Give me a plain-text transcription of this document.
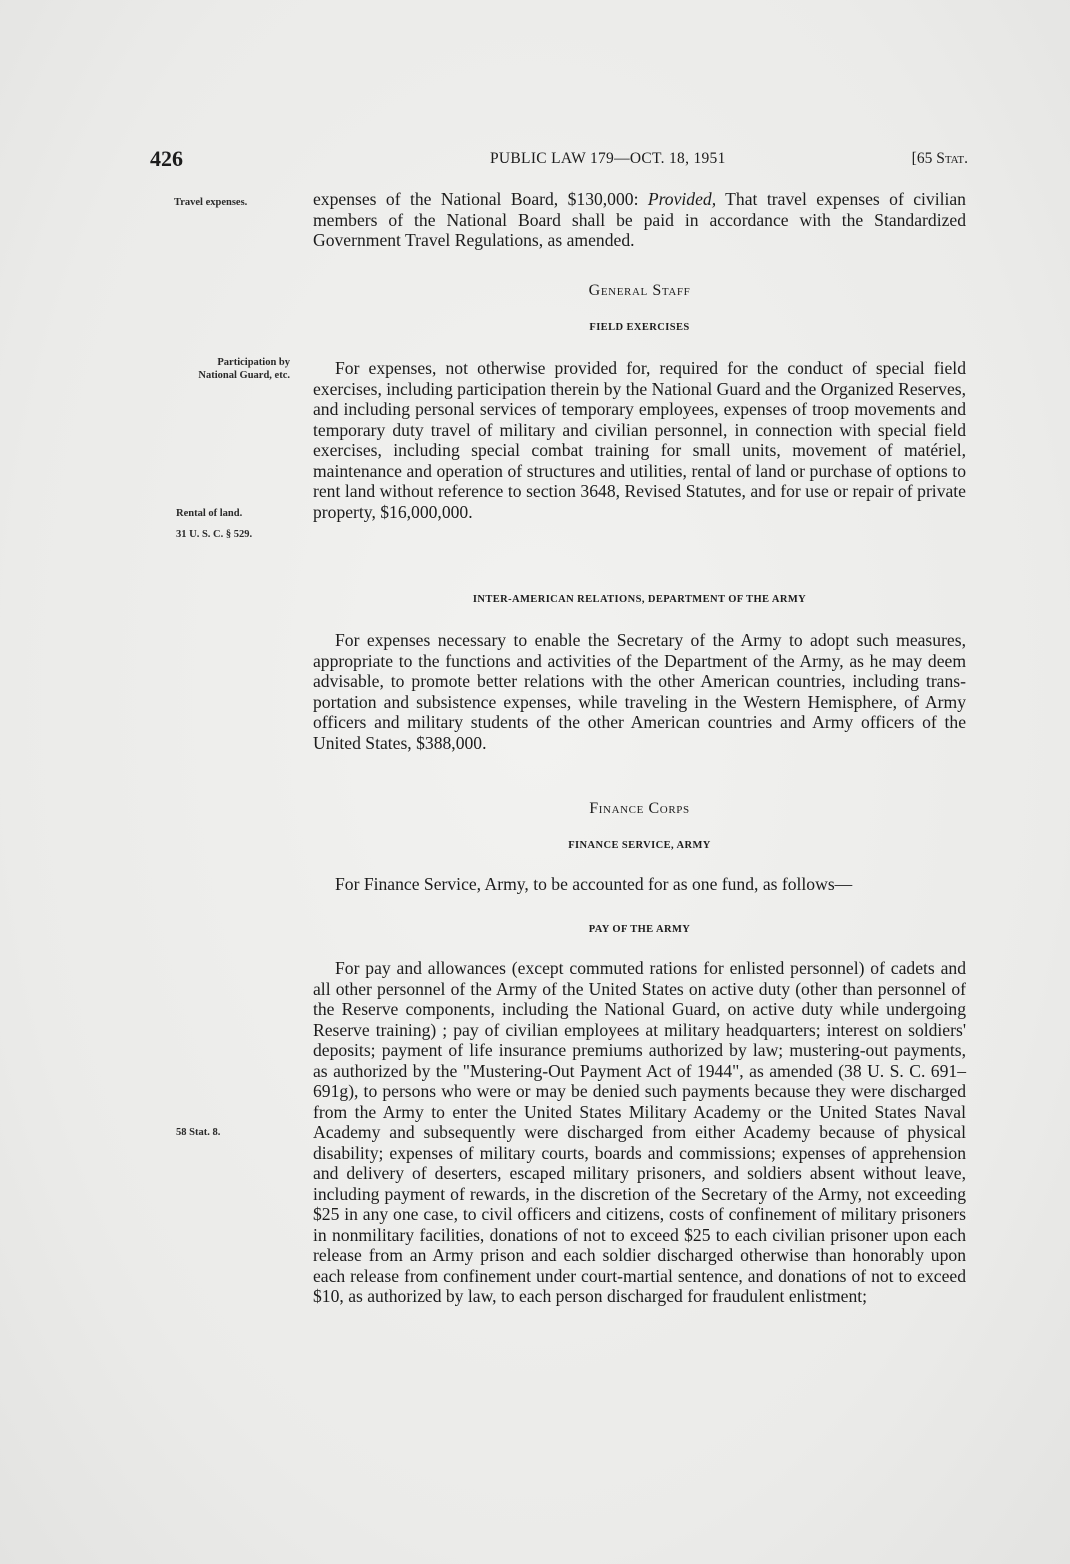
426	PUBLIC LAW 179—OCT. 18, 1951	[65 Stat.
Travel expenses.
Participation by
National Guard, etc.
Rental of land.
31 U. S. C. § 529.
58 Stat. 8.

expenses of the National Board, $130,000: Provided, That travel expenses of civilian members of the National Board shall be paid in accordance with the Standardized Government Travel Regulations, as amended.

General Staff
FIELD EXERCISES

For expenses, not otherwise provided for, required for the conduct of special field exercises, including participation therein by the National Guard and the Organized Reserves, and including personal services of temporary employees, expenses of troop movements and temporary duty travel of military and civilian personnel, in connection with special field exercises, including special combat training for small units, movement of matériel, maintenance and operation of structures and utilities, rental of land or purchase of options to rent land without reference to section 3648, Revised Statutes, and for use or repair of private property, $16,000,000.

INTER-AMERICAN RELATIONS, DEPARTMENT OF THE ARMY

For expenses necessary to enable the Secretary of the Army to adopt such measures, appropriate to the functions and activities of the Department of the Army, as he may deem advisable, to promote better relations with the other American countries, including transportation and subsistence expenses, while traveling in the Western Hemisphere, of Army officers and military students of the other American countries and Army officers of the United States, $388,000.

Finance Corps
FINANCE SERVICE, ARMY

For Finance Service, Army, to be accounted for as one fund, as follows—

PAY OF THE ARMY

For pay and allowances (except commuted rations for enlisted personnel) of cadets and all other personnel of the Army of the United States on active duty (other than personnel of the Reserve components, including the National Guard, on active duty while undergoing Reserve training) ; pay of civilian employees at military headquarters; interest on soldiers' deposits; payment of life insurance premiums authorized by law; mustering-out payments, as authorized by the "Mustering-Out Payment Act of 1944", as amended (38 U. S. C. 691–691g), to persons who were or may be denied such payments because they were discharged from the Army to enter the United States Military Academy or the United States Naval Academy and subsequently were discharged from either Academy because of physical disability; expenses of military courts, boards and commissions; expenses of apprehension and delivery of deserters, escaped military prisoners, and soldiers absent without leave, including payment of rewards, in the discretion of the Secretary of the Army, not exceeding $25 in any one case, to civil officers and citizens, costs of confinement of military prisoners in nonmilitary facilities, donations of not to exceed $25 to each civilian prisoner upon each release from an Army prison and each soldier discharged otherwise than honorably upon each release from confinement under court-martial sentence, and donations of not to exceed $10, as authorized by law, to each person discharged for fraudulent enlistment;
